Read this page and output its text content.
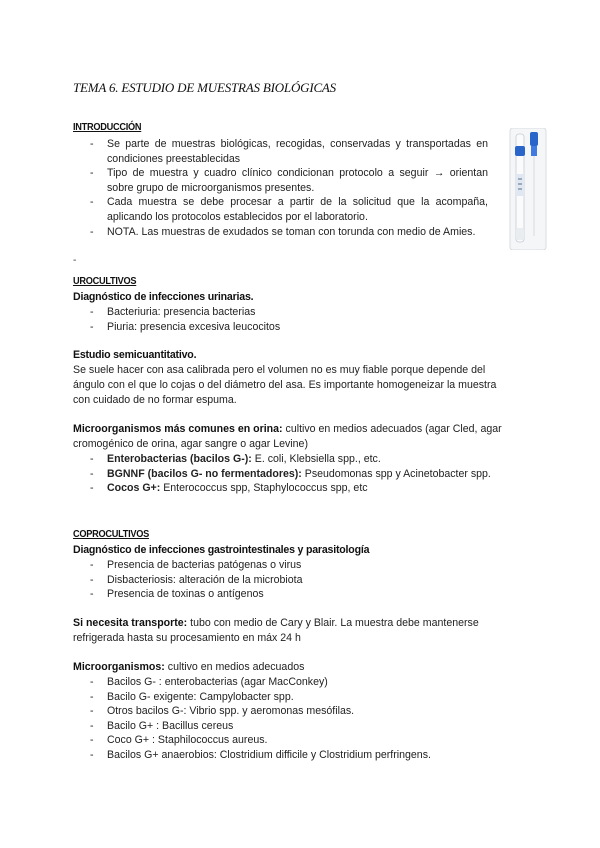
TEMA 6. ESTUDIO DE MUESTRAS BIOLÓGICAS
INTRODUCCIÓN
- Se parte de muestras biológicas, recogidas, conservadas y transportadas en condiciones preestablecidas
- Tipo de muestra y cuadro clínico condicionan protocolo a seguir → orientan sobre grupo de microorganismos presentes.
- Cada muestra se debe procesar a partir de la solicitud que la acompaña, aplicando los protocolos establecidos por el laboratorio.
- NOTA. Las muestras de exudados se toman con torunda con medio de Amies.
-
UROCULTIVOS
Diagnóstico de infecciones urinarias.
- Bacteriuria: presencia bacterias
- Piuria: presencia excesiva leucocitos
Estudio semicuantitativo.
Se suele hacer con asa calibrada pero el volumen no es muy fiable porque depende del ángulo con el que lo cojas o del diámetro del asa. Es importante homogeneizar la muestra con cuidado de no formar espuma.
Microorganismos más comunes en orina: cultivo en medios adecuados (agar Cled, agar cromogénico de orina, agar sangre o agar Levine)
- Enterobacterias (bacilos G-): E. coli, Klebsiella spp., etc.
- BGNNF (bacilos G- no fermentadores): Pseudomonas spp y Acinetobacter spp.
- Cocos G+: Enterococcus spp, Staphylococcus spp, etc
COPROCULTIVOS
Diagnóstico de infecciones gastrointestinales y parasitología
- Presencia de bacterias patógenas o virus
- Disbacteriosis: alteración de la microbiota
- Presencia de toxinas o antígenos
Si necesita transporte: tubo con medio de Cary y Blair. La muestra debe mantenerse refrigerada hasta su procesamiento en máx 24 h
Microorganismos: cultivo en medios adecuados
- Bacilos G- : enterobacterias (agar MacConkey)
- Bacilo G- exigente: Campylobacter spp.
- Otros bacilos G-: Vibrio spp. y aeromonas mesófilas.
- Bacilo G+ : Bacillus cereus
- Coco G+ : Staphilococcus aureus.
- Bacilos G+ anaerobios: Clostridium difficile y Clostridium perfringens.
